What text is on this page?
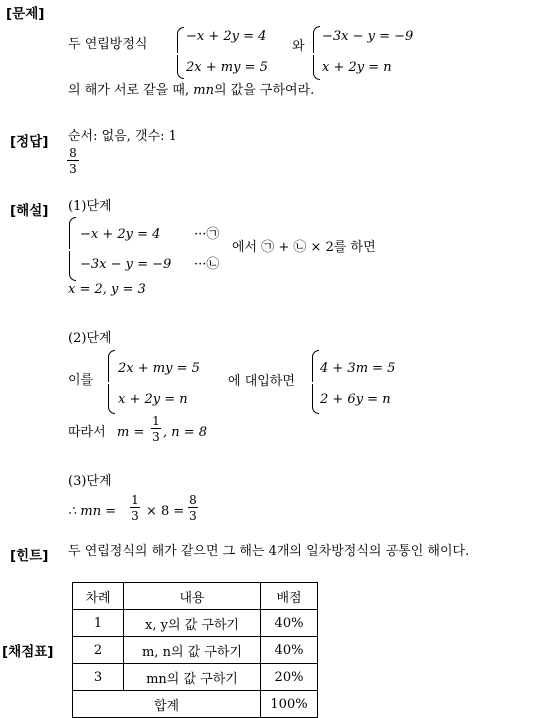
[문제]
두 연립방정식
−x + 2y = 4
2x + my = 5
와
−3x − y = −9
x + 2y = n
의 해가 서로 같을 때, mn의 값을 구하여라.
[정답] 순서: 없음, 갯수: 1
$\frac{8}{3}$
[해설] (1)단계
−x + 2y = 4	···㉠
−3x − y = −9 ···㉡
에서 ㉠ + ㉡ × 2를 하면
x = 2, y = 3
(2)단계
이를
2x + my = 5
x + 2y = n
에 대입하면
4 + 3m = 5
2 + 6y = n
따라서 $m = \frac{1}{3}$ , n = 8
(3)단계
∴ mn = $\frac{1}{3} \times 8 = \frac{8}{3}$
[힌트] 두 연립정식의 해가 같으면 그 해는 4개의 일차방정식의 공통인 해이다.
[채점표]
차례	내용	배점
1	x, y의 값 구하기	40%
2	m, n의 값 구하기	40%
3	mn의 값 구하기	20%
합계		100%
